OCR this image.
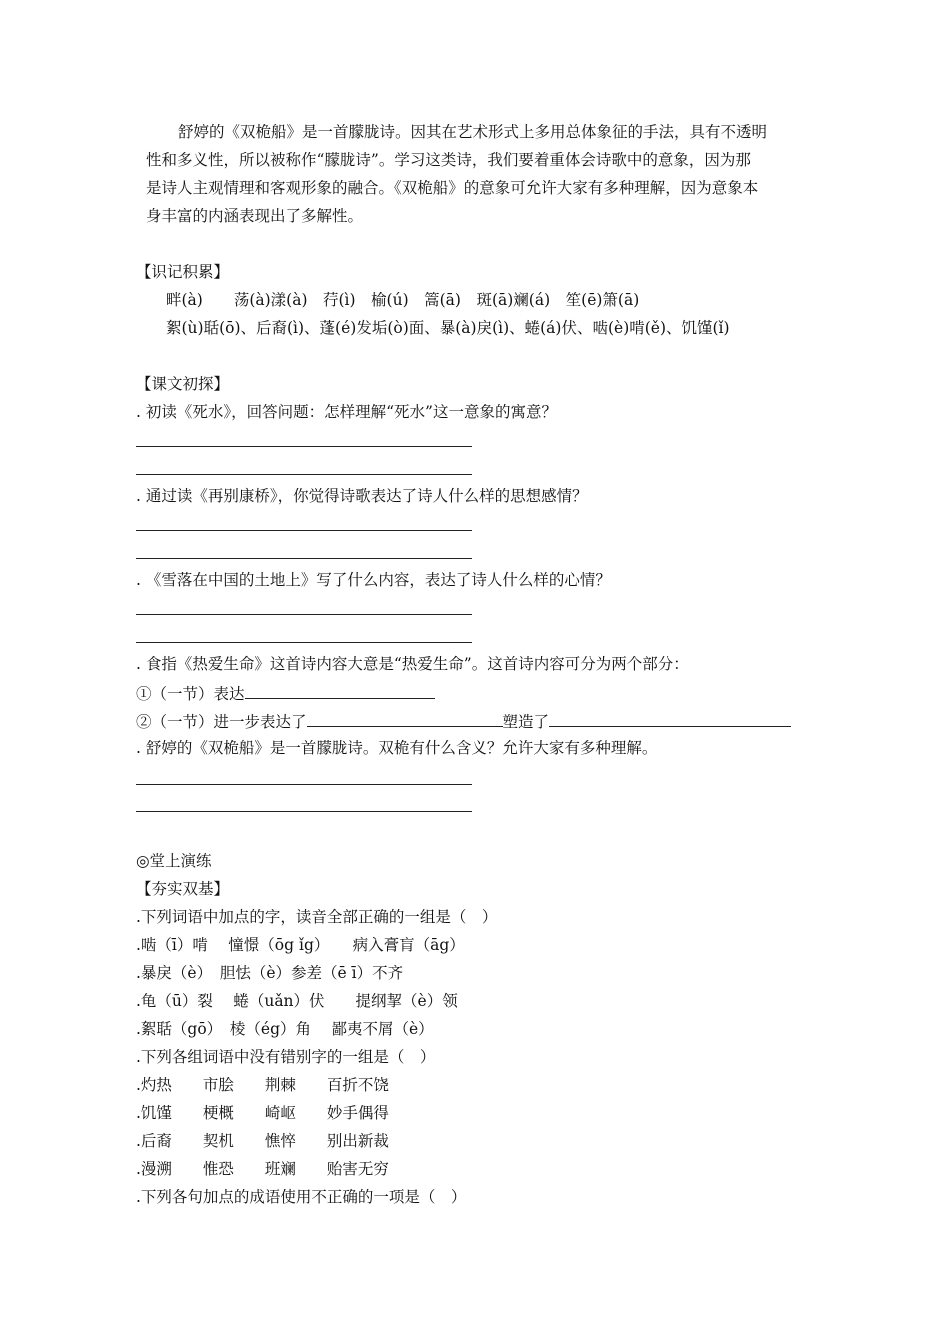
舒婷的《双桅船》是一首朦胧诗。因其在艺术形式上多用总体象征的手法，具有不透明
性和多义性，所以被称作“朦胧诗”。学习这类诗，我们要着重体会诗歌中的意象，因为那
是诗人主观情理和客观形象的融合。《双桅船》的意象可允许大家有多种理解，因为意象本
身丰富的内涵表现出了多解性。
【识记积累】
畔(à)　　荡(à)漾(à)　荇(ì)　榆(ú)　篙(ā)　斑(ā)斓(á)　笙(ē)箫(ā)
絮(ù)聒(ō)、后裔(ì)、蓬(é)发垢(ò)面、暴(à)戾(ì)、蜷(á)伏、啮(è)啃(ě)、饥馑(ǐ)
【课文初探】
. 初读《死水》，回答问题：怎样理解“死水”这一意象的寓意？
. 通过读《再别康桥》，你觉得诗歌表达了诗人什么样的思想感情？
. 《雪落在中国的土地上》写了什么内容，表达了诗人什么样的心情？
. 食指《热爱生命》这首诗内容大意是“热爱生命”。这首诗内容可分为两个部分：
①（一节）表达
②（一节）进一步表达了	塑造了
. 舒婷的《双桅船》是一首朦胧诗。双桅有什么含义？允许大家有多种理解。
◎堂上演练
【夯实双基】
.下列词语中加点的字，读音全部正确的一组是（　）
.啮（ī）啃　 憧憬（ōg ǐg）　　病入膏肓（āg）
.暴戾（è）　胆怯（è）参差（ē ī）不齐
.龟（ū）裂　 蜷（uǎn）伏　　提纲挈（è）领
.絮聒（gō）　棱（ég）角　 鄙夷不屑（è）
.下列各组词语中没有错别字的一组是（　）
.灼热　　市脍　　荆棘　　百折不饶
.饥馑　　梗概　　崎岖　　妙手偶得
.后裔　　契机　　憔悴　　别出新裁
.漫溯　　惟恐　　班斓　　贻害无穷
.下列各句加点的成语使用不正确的一项是（　）
